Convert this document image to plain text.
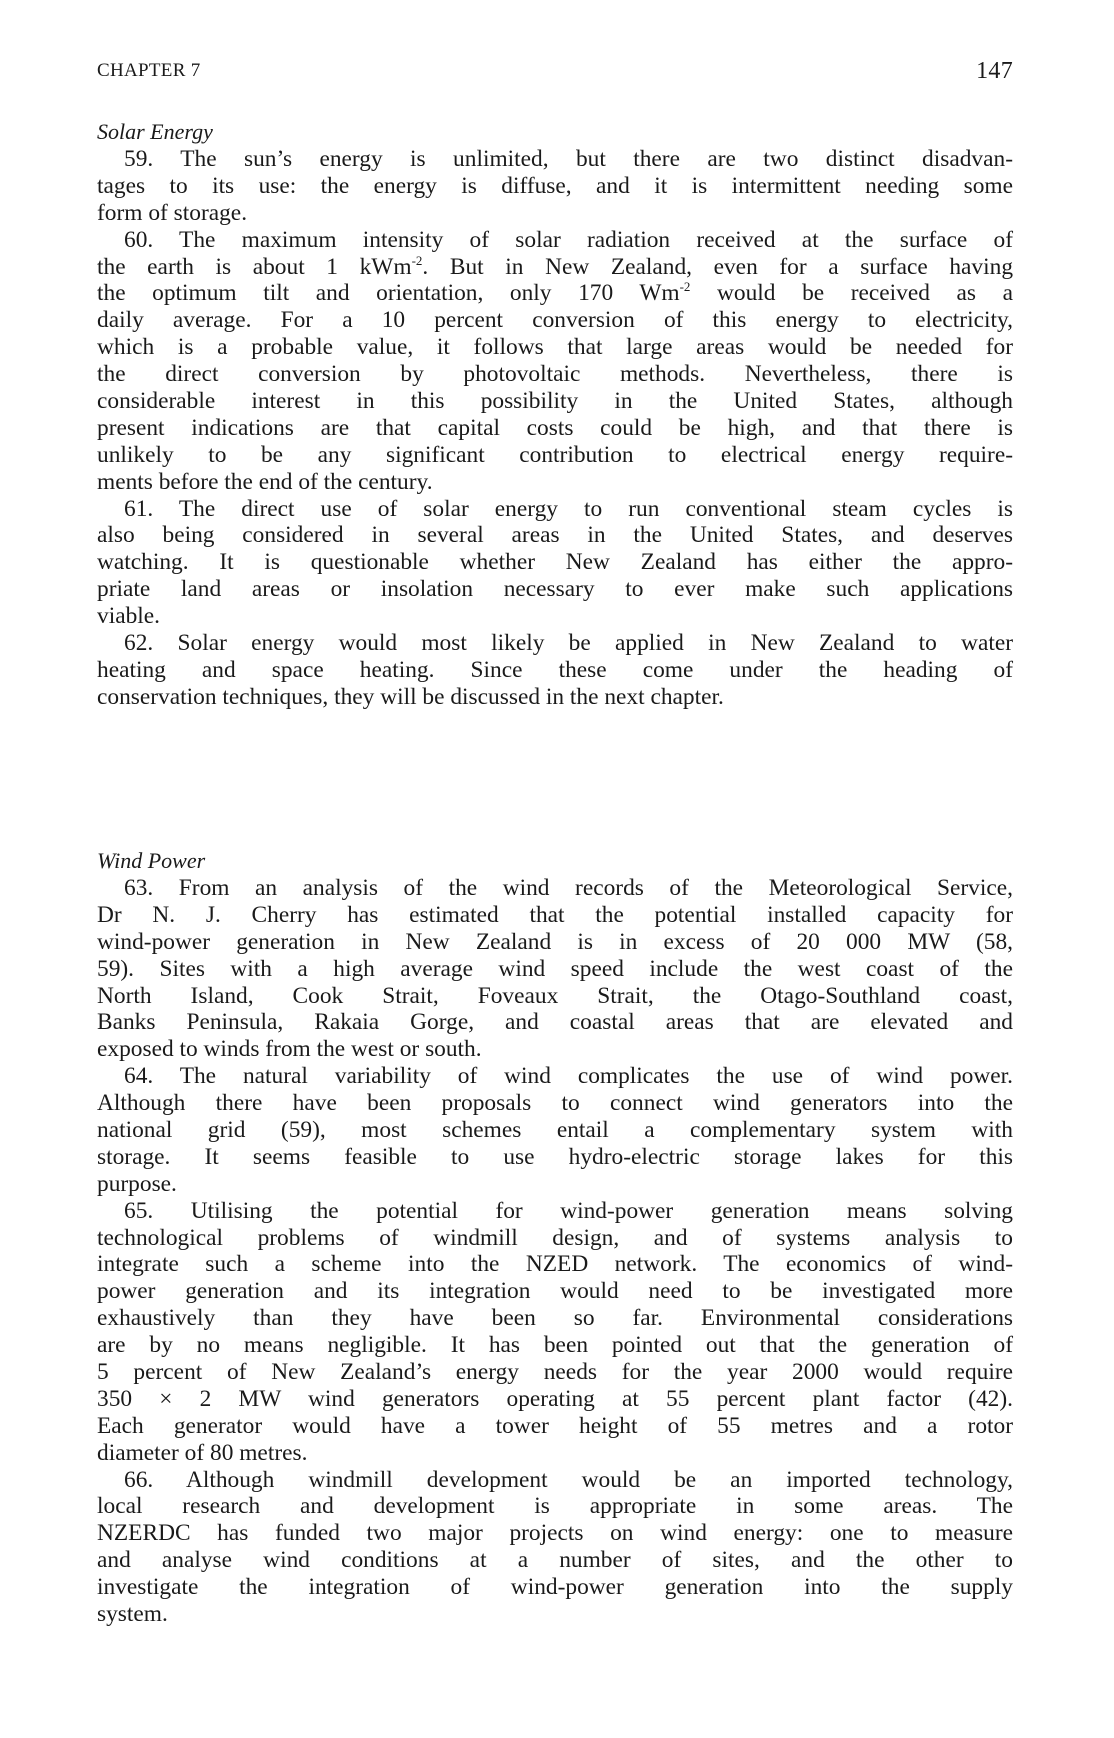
CHAPTER 7	147
Solar Energy
59. The sun’s energy is unlimited, but there are two distinct disadvan-
tages to its use: the energy is diffuse, and it is intermittent needing some
form of storage.
60. The maximum intensity of solar radiation received at the surface of
the earth is about 1 kWm$^{-2}$. But in New Zealand, even for a surface having
the optimum tilt and orientation, only 170 $Wm^{-2}$ would be received as a
daily average. For a 10 percent conversion of this energy to electricity,
which is a probable value, it follows that large areas would be needed for
the direct conversion by photovoltaic methods. Nevertheless, there is
considerable interest in this possibility in the United States, although
present indications are that capital costs could be high, and that there is
unlikely to be any significant contribution to electrical energy require-
ments before the end of the century.
61. The direct use of solar energy to run conventional steam cycles is
also being considered in several areas in the United States, and deserves
watching. It is questionable whether New Zealand has either the appro-
priate land areas or insolation necessary to ever make such applications
viable.
62. Solar energy would most likely be applied in New Zealand to water
heating and space heating. Since these come under the heading of
conservation techniques, they will be discussed in the next chapter.
Wind Power
63. From an analysis of the wind records of the Meteorological Service,
Dr N. J. Cherry has estimated that the potential installed capacity for
wind-power generation in New Zealand is in excess of 20 000 MW (58,
59). Sites with a high average wind speed include the west coast of the
North Island, Cook Strait, Foveaux Strait, the Otago-Southland coast,
Banks Peninsula, Rakaia Gorge, and coastal areas that are elevated and
exposed to winds from the west or south.
64. The natural variability of wind complicates the use of wind power.
Although there have been proposals to connect wind generators into the
national grid (59), most schemes entail a complementary system with
storage. It seems feasible to use hydro-electric storage lakes for this
purpose.
65. Utilising the potential for wind-power generation means solving
technological problems of windmill design, and of systems analysis to
integrate such a scheme into the NZED network. The economics of wind-
power generation and its integration would need to be investigated more
exhaustively than they have been so far. Environmental considerations
are by no means negligible. It has been pointed out that the generation of
5 percent of New Zealand’s energy needs for the year 2000 would require
350 × 2 MW wind generators operating at 55 percent plant factor (42).
Each generator would have a tower height of 55 metres and a rotor
diameter of 80 metres.
66. Although windmill development would be an imported technology,
local research and development is appropriate in some areas. The
NZERDC has funded two major projects on wind energy: one to measure
and analyse wind conditions at a number of sites, and the other to
investigate the integration of wind-power generation into the supply
system.
